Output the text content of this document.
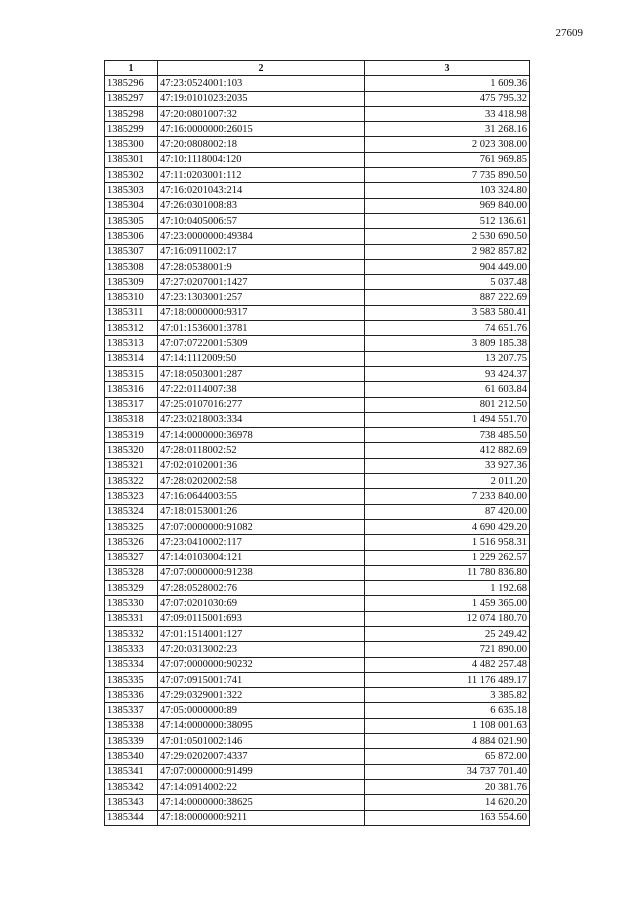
27609
1	2	3
1385296	47:23:0524001:103	1 609.36
1385297	47:19:0101023:2035	475 795.32
1385298	47:20:0801007:32	33 418.98
1385299	47:16:0000000:26015	31 268.16
1385300	47:20:0808002:18	2 023 308.00
1385301	47:10:1118004:120	761 969.85
1385302	47:11:0203001:112	7 735 890.50
1385303	47:16:0201043:214	103 324.80
1385304	47:26:0301008:83	969 840.00
1385305	47:10:0405006:57	512 136.61
1385306	47:23:0000000:49384	2 530 690.50
1385307	47:16:0911002:17	2 982 857.82
1385308	47:28:0538001:9	904 449.00
1385309	47:27:0207001:1427	5 037.48
1385310	47:23:1303001:257	887 222.69
1385311	47:18:0000000:9317	3 583 580.41
1385312	47:01:1536001:3781	74 651.76
1385313	47:07:0722001:5309	3 809 185.38
1385314	47:14:1112009:50	13 207.75
1385315	47:18:0503001:287	93 424.37
1385316	47:22:0114007:38	61 603.84
1385317	47:25:0107016:277	801 212.50
1385318	47:23:0218003:334	1 494 551.70
1385319	47:14:0000000:36978	738 485.50
1385320	47:28:0118002:52	412 882.69
1385321	47:02:0102001:36	33 927.36
1385322	47:28:0202002:58	2 011.20
1385323	47:16:0644003:55	7 233 840.00
1385324	47:18:0153001:26	87 420.00
1385325	47:07:0000000:91082	4 690 429.20
1385326	47:23:0410002:117	1 516 958.31
1385327	47:14:0103004:121	1 229 262.57
1385328	47:07:0000000:91238	11 780 836.80
1385329	47:28:0528002:76	1 192.68
1385330	47:07:0201030:69	1 459 365.00
1385331	47:09:0115001:693	12 074 180.70
1385332	47:01:1514001:127	25 249.42
1385333	47:20:0313002:23	721 890.00
1385334	47:07:0000000:90232	4 482 257.48
1385335	47:07:0915001:741	11 176 489.17
1385336	47:29:0329001:322	3 385.82
1385337	47:05:0000000:89	6 635.18
1385338	47:14:0000000:38095	1 108 001.63
1385339	47:01:0501002:146	4 884 021.90
1385340	47:29:0202007:4337	65 872.00
1385341	47:07:0000000:91499	34 737 701.40
1385342	47:14:0914002:22	20 381.76
1385343	47:14:0000000:38625	14 620.20
1385344	47:18:0000000:9211	163 554.60
